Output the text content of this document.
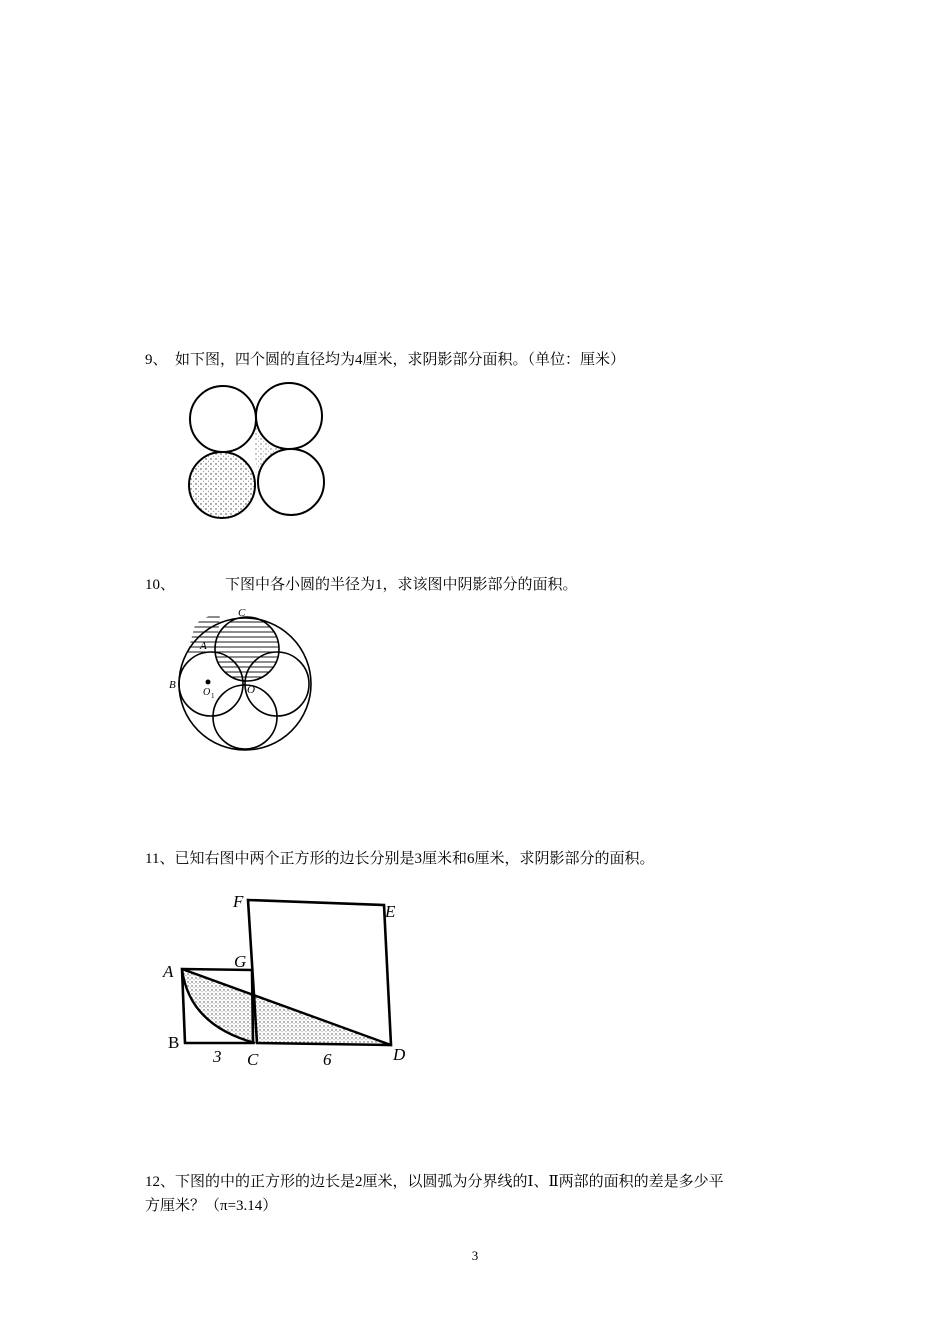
9、 如下图，四个圆的直径均为4厘米，求阴影部分面积。（单位：厘米）
10、	下图中各小圆的半径为1，求该图中阴影部分的面积。
C
A
B	O
O 1
11、已知右图中两个正方形的边长分别是3厘米和6厘米，求阴影部分的面积。
F
E
G
A
B
3 C	6	D
12、下图的中的正方形的边长是2厘米，以圆弧为分界线的Ⅰ、Ⅱ两部的面积的差是多少平
方厘米？（π=3.14）
3
